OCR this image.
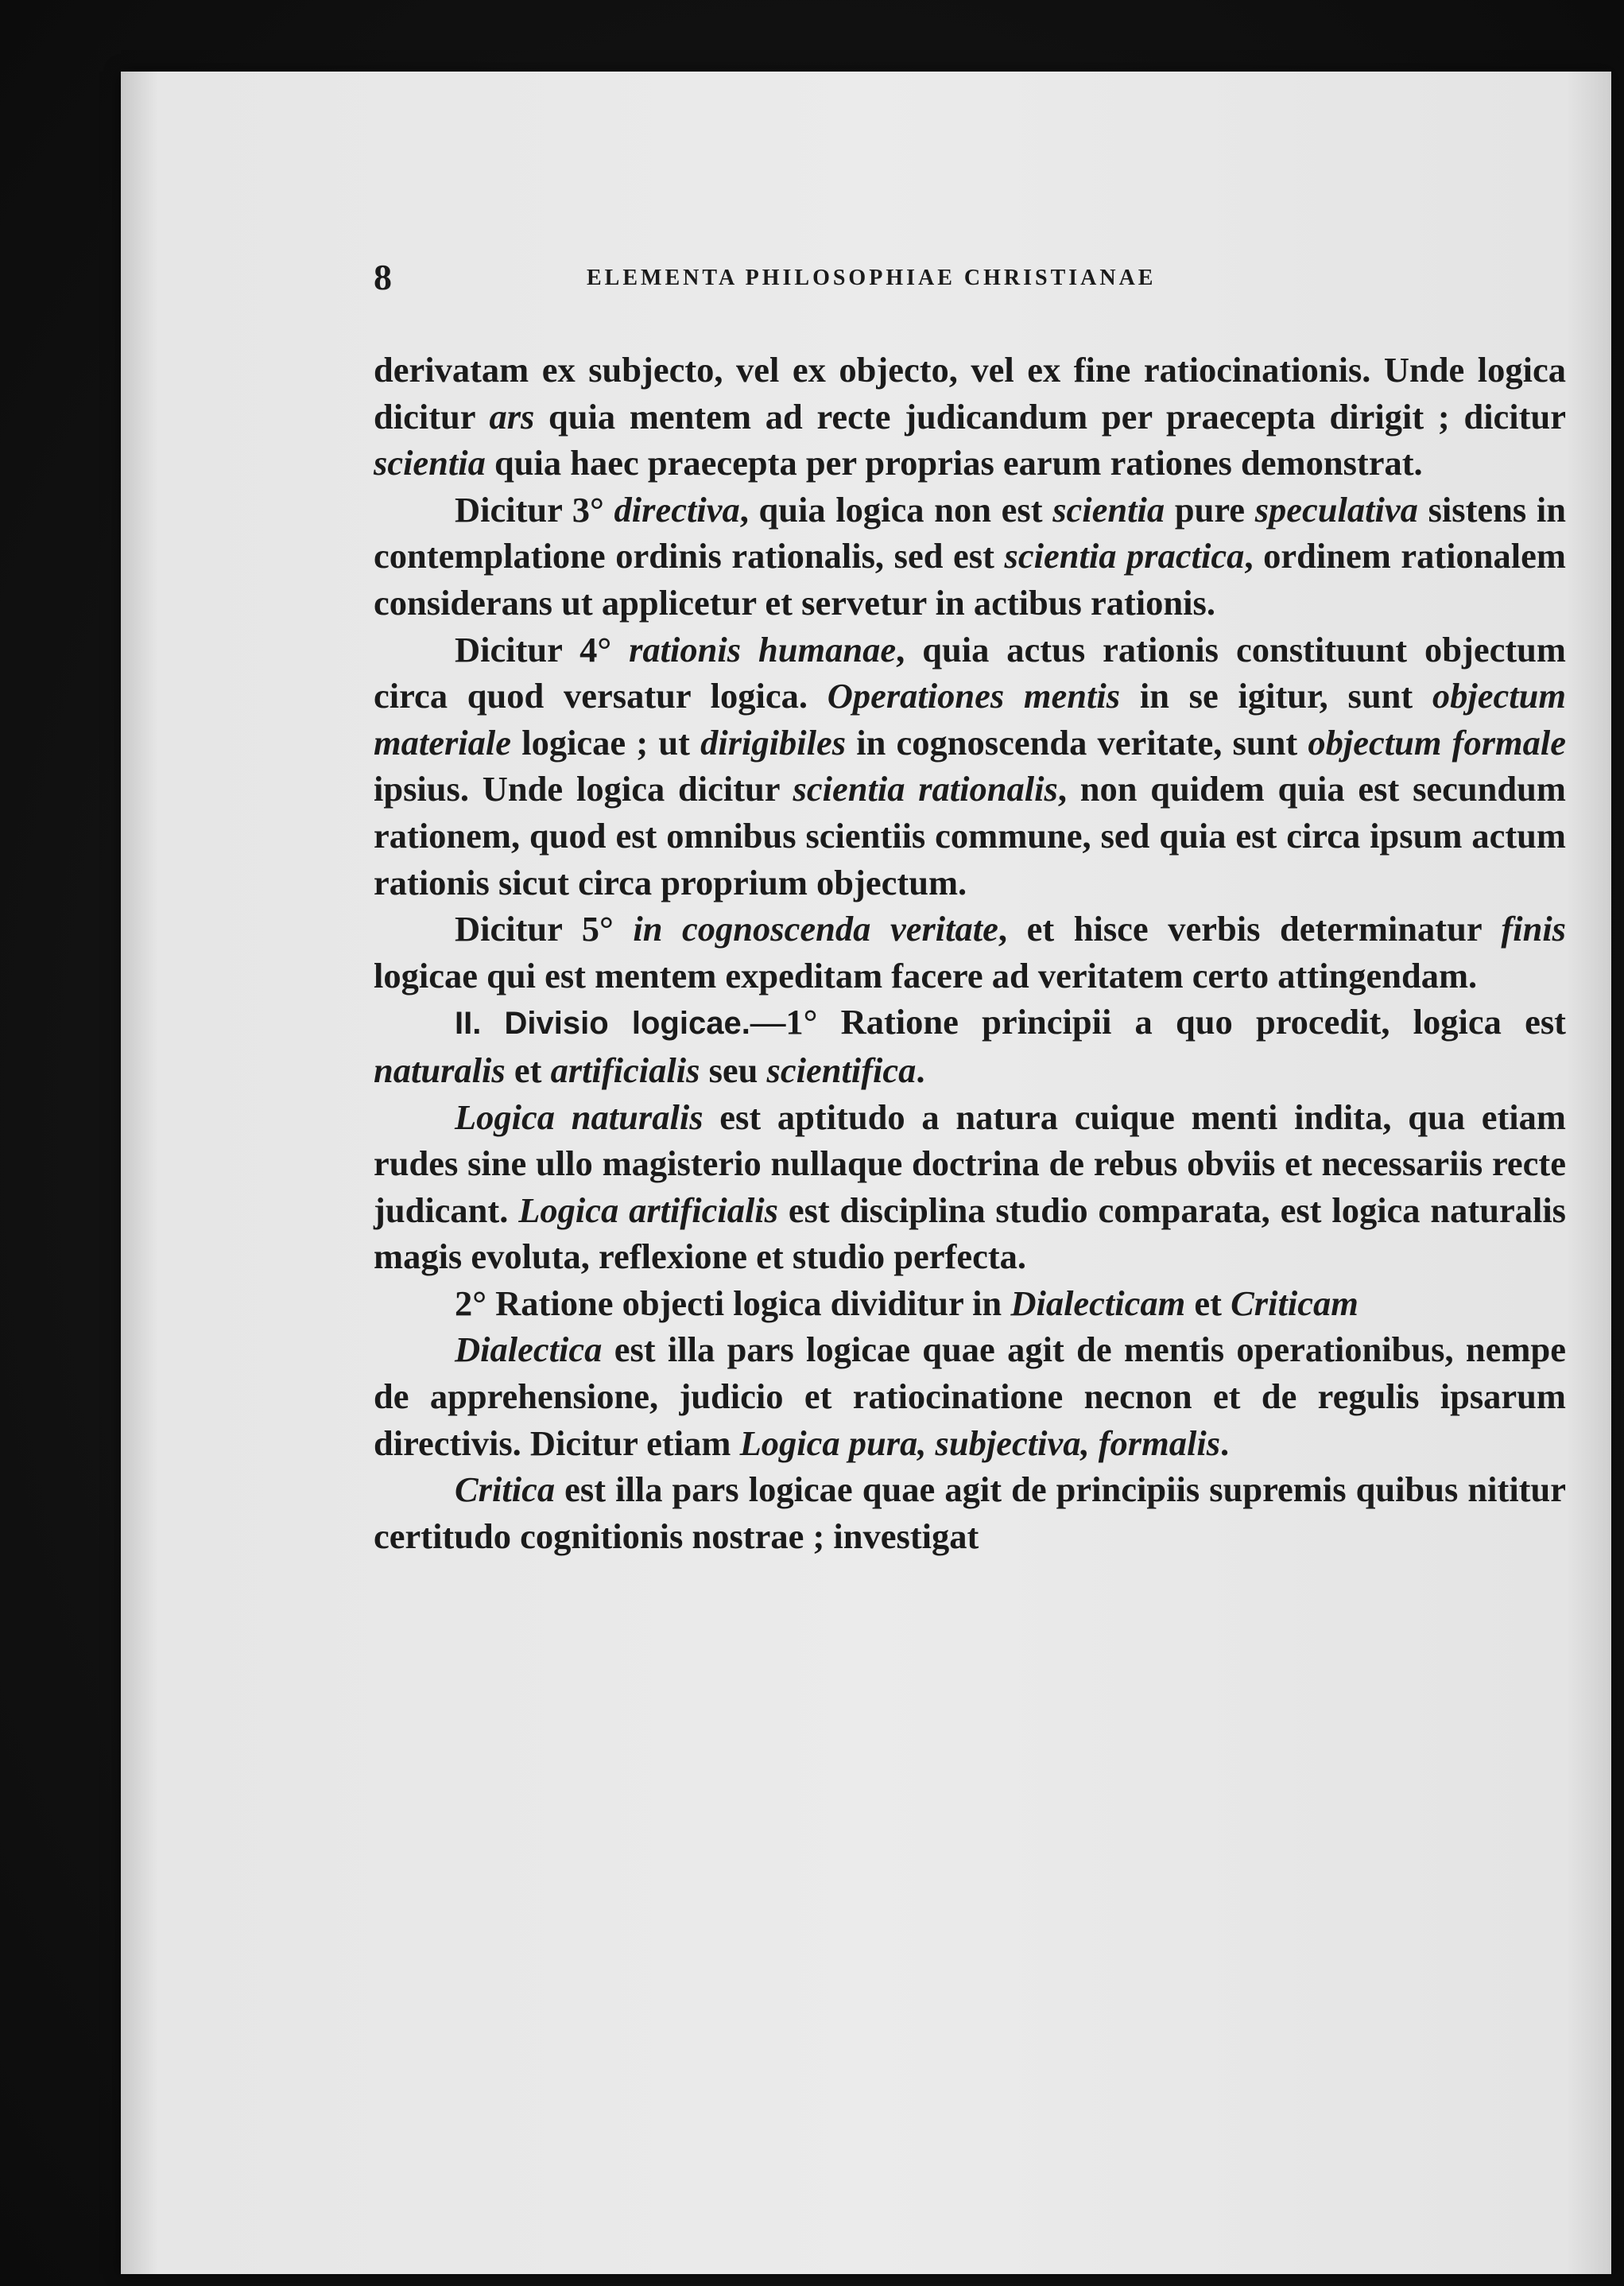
8	ELEMENTA PHILOSOPHIAE CHRISTIANAE

derivatam ex subjecto, vel ex objecto, vel ex fine ratiocinationis. Unde logica dicitur ars quia mentem ad recte judicandum per praecepta dirigit ; dicitur scientia quia haec praecepta per proprias earum rationes demonstrat.

Dicitur 3° directiva, quia logica non est scientia pure speculativa sistens in contemplatione ordinis rationalis, sed est scientia practica, ordinem rationalem considerans ut applicetur et servetur in actibus rationis.

Dicitur 4° rationis humanae, quia actus rationis constituunt objectum circa quod versatur logica. Operationes mentis in se igitur, sunt objectum materiale logicae ; ut dirigibiles in cognoscenda veritate, sunt objectum formale ipsius. Unde logica dicitur scientia rationalis, non quidem quia est secundum rationem, quod est omnibus scientiis commune, sed quia est circa ipsum actum rationis sicut circa proprium objectum.

Dicitur 5° in cognoscenda veritate, et hisce verbis determinatur finis logicae qui est mentem expeditam facere ad veritatem certo attingendam.

II. Divisio logicae.—1° Ratione principii a quo procedit, logica est naturalis et artificialis seu scientifica.

Logica naturalis est aptitudo a natura cuique menti indita, qua etiam rudes sine ullo magisterio nullaque doctrina de rebus obviis et necessariis recte judicant. Logica artificialis est disciplina studio comparata, est logica naturalis magis evoluta, reflexione et studio perfecta.

2° Ratione objecti logica dividitur in Dialecticam et Criticam

Dialectica est illa pars logicae quae agit de mentis operationibus, nempe de apprehensione, judicio et ratiocinatione necnon et de regulis ipsarum directivis. Dicitur etiam Logica pura, subjectiva, formalis.

Critica est illa pars logicae quae agit de principiis supremis quibus nititur certitudo cognitionis nostrae ; investigat
